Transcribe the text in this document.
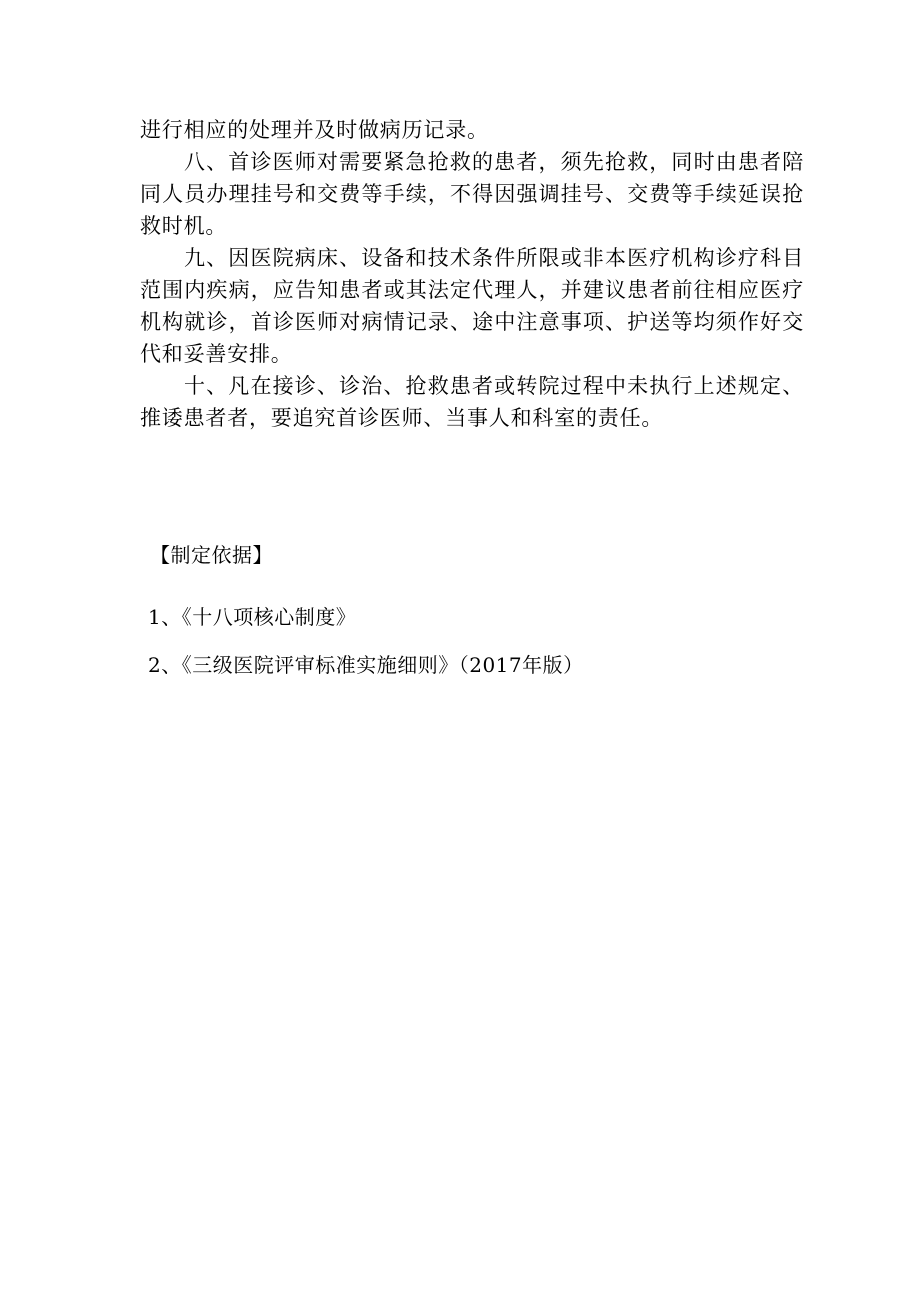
进行相应的处理并及时做病历记录。

八、首诊医师对需要紧急抢救的患者，须先抢救，同时由患者陪同人员办理挂号和交费等手续，不得因强调挂号、交费等手续延误抢救时机。

九、因医院病床、设备和技术条件所限或非本医疗机构诊疗科目范围内疾病，应告知患者或其法定代理人，并建议患者前往相应医疗机构就诊，首诊医师对病情记录、途中注意事项、护送等均须作好交代和妥善安排。

十、凡在接诊、诊治、抢救患者或转院过程中未执行上述规定、推诿患者者，要追究首诊医师、当事人和科室的责任。

【制定依据】

1、《十八项核心制度》
2、《三级医院评审标准实施细则》（2017年版）
